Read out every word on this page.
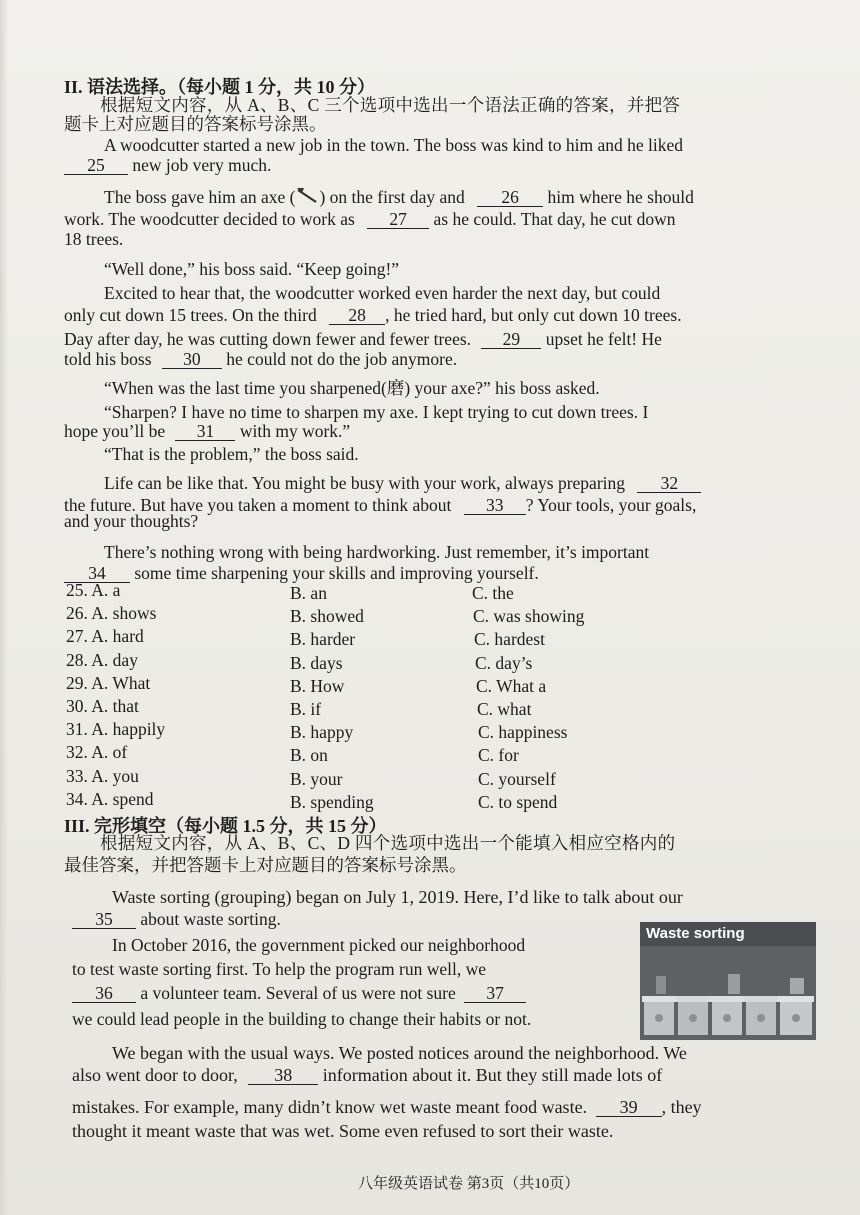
II. 语法选择。（每小题 1 分，共 10 分）
根据短文内容，从 A、B、C 三个选项中选出一个语法正确的答案，并把答
题卡上对应题目的答案标号涂黑。
A woodcutter started a new job in the town. The boss was kind to him and he liked
25 new job very much.
The boss gave him an axe ( ) on the first day and 26 him where he should
work. The woodcutter decided to work as 27 as he could. That day, he cut down
18 trees.
“Well done,” his boss said. “Keep going!”
Excited to hear that, the woodcutter worked even harder the next day, but could
only cut down 15 trees. On the third 28 , he tried hard, but only cut down 10 trees.
Day after day, he was cutting down fewer and fewer trees. 29 upset he felt! He
told his boss 30 he could not do the job anymore.
“When was the last time you sharpened(磨) your axe?” his boss asked.
“Sharpen? I have no time to sharpen my axe. I kept trying to cut down trees. I
hope you’ll be 31 with my work.”
“That is the problem,” the boss said.
Life can be like that. You might be busy with your work, always preparing 32
the future. But have you taken a moment to think about 33 ? Your tools, your goals,
and your thoughts?
There’s nothing wrong with being hardworking. Just remember, it’s important
34 some time sharpening your skills and improving yourself.
25. A. a	B. an	C. the
26. A. shows	B. showed	C. was showing
27. A. hard	B. harder	C. hardest
28. A. day	B. days	C. day’s
29. A. What	B. How	C. What a
30. A. that	B. if	C. what
31. A. happily	B. happy	C. happiness
32. A. of	B. on	C. for
33. A. you	B. your	C. yourself
34. A. spend	B. spending	C. to spend
III. 完形填空（每小题 1.5 分，共 15 分）
根据短文内容，从 A、B、C、D 四个选项中选出一个能填入相应空格内的
最佳答案，并把答题卡上对应题目的答案标号涂黑。
Waste sorting (grouping) began on July 1, 2019. Here, I’d like to talk about our
35 about waste sorting.
In October 2016, the government picked our neighborhood
to test waste sorting first. To help the program run well, we
36 a volunteer team. Several of us were not sure 37
we could lead people in the building to change their habits or not.
Waste sorting
We began with the usual ways. We posted notices around the neighborhood. We
also went door to door, 38 information about it. But they still made lots of
mistakes. For example, many didn’t know wet waste meant food waste. 39 , they
thought it meant waste that was wet. Some even refused to sort their waste.
八年级英语试卷 第3页（共10页）
